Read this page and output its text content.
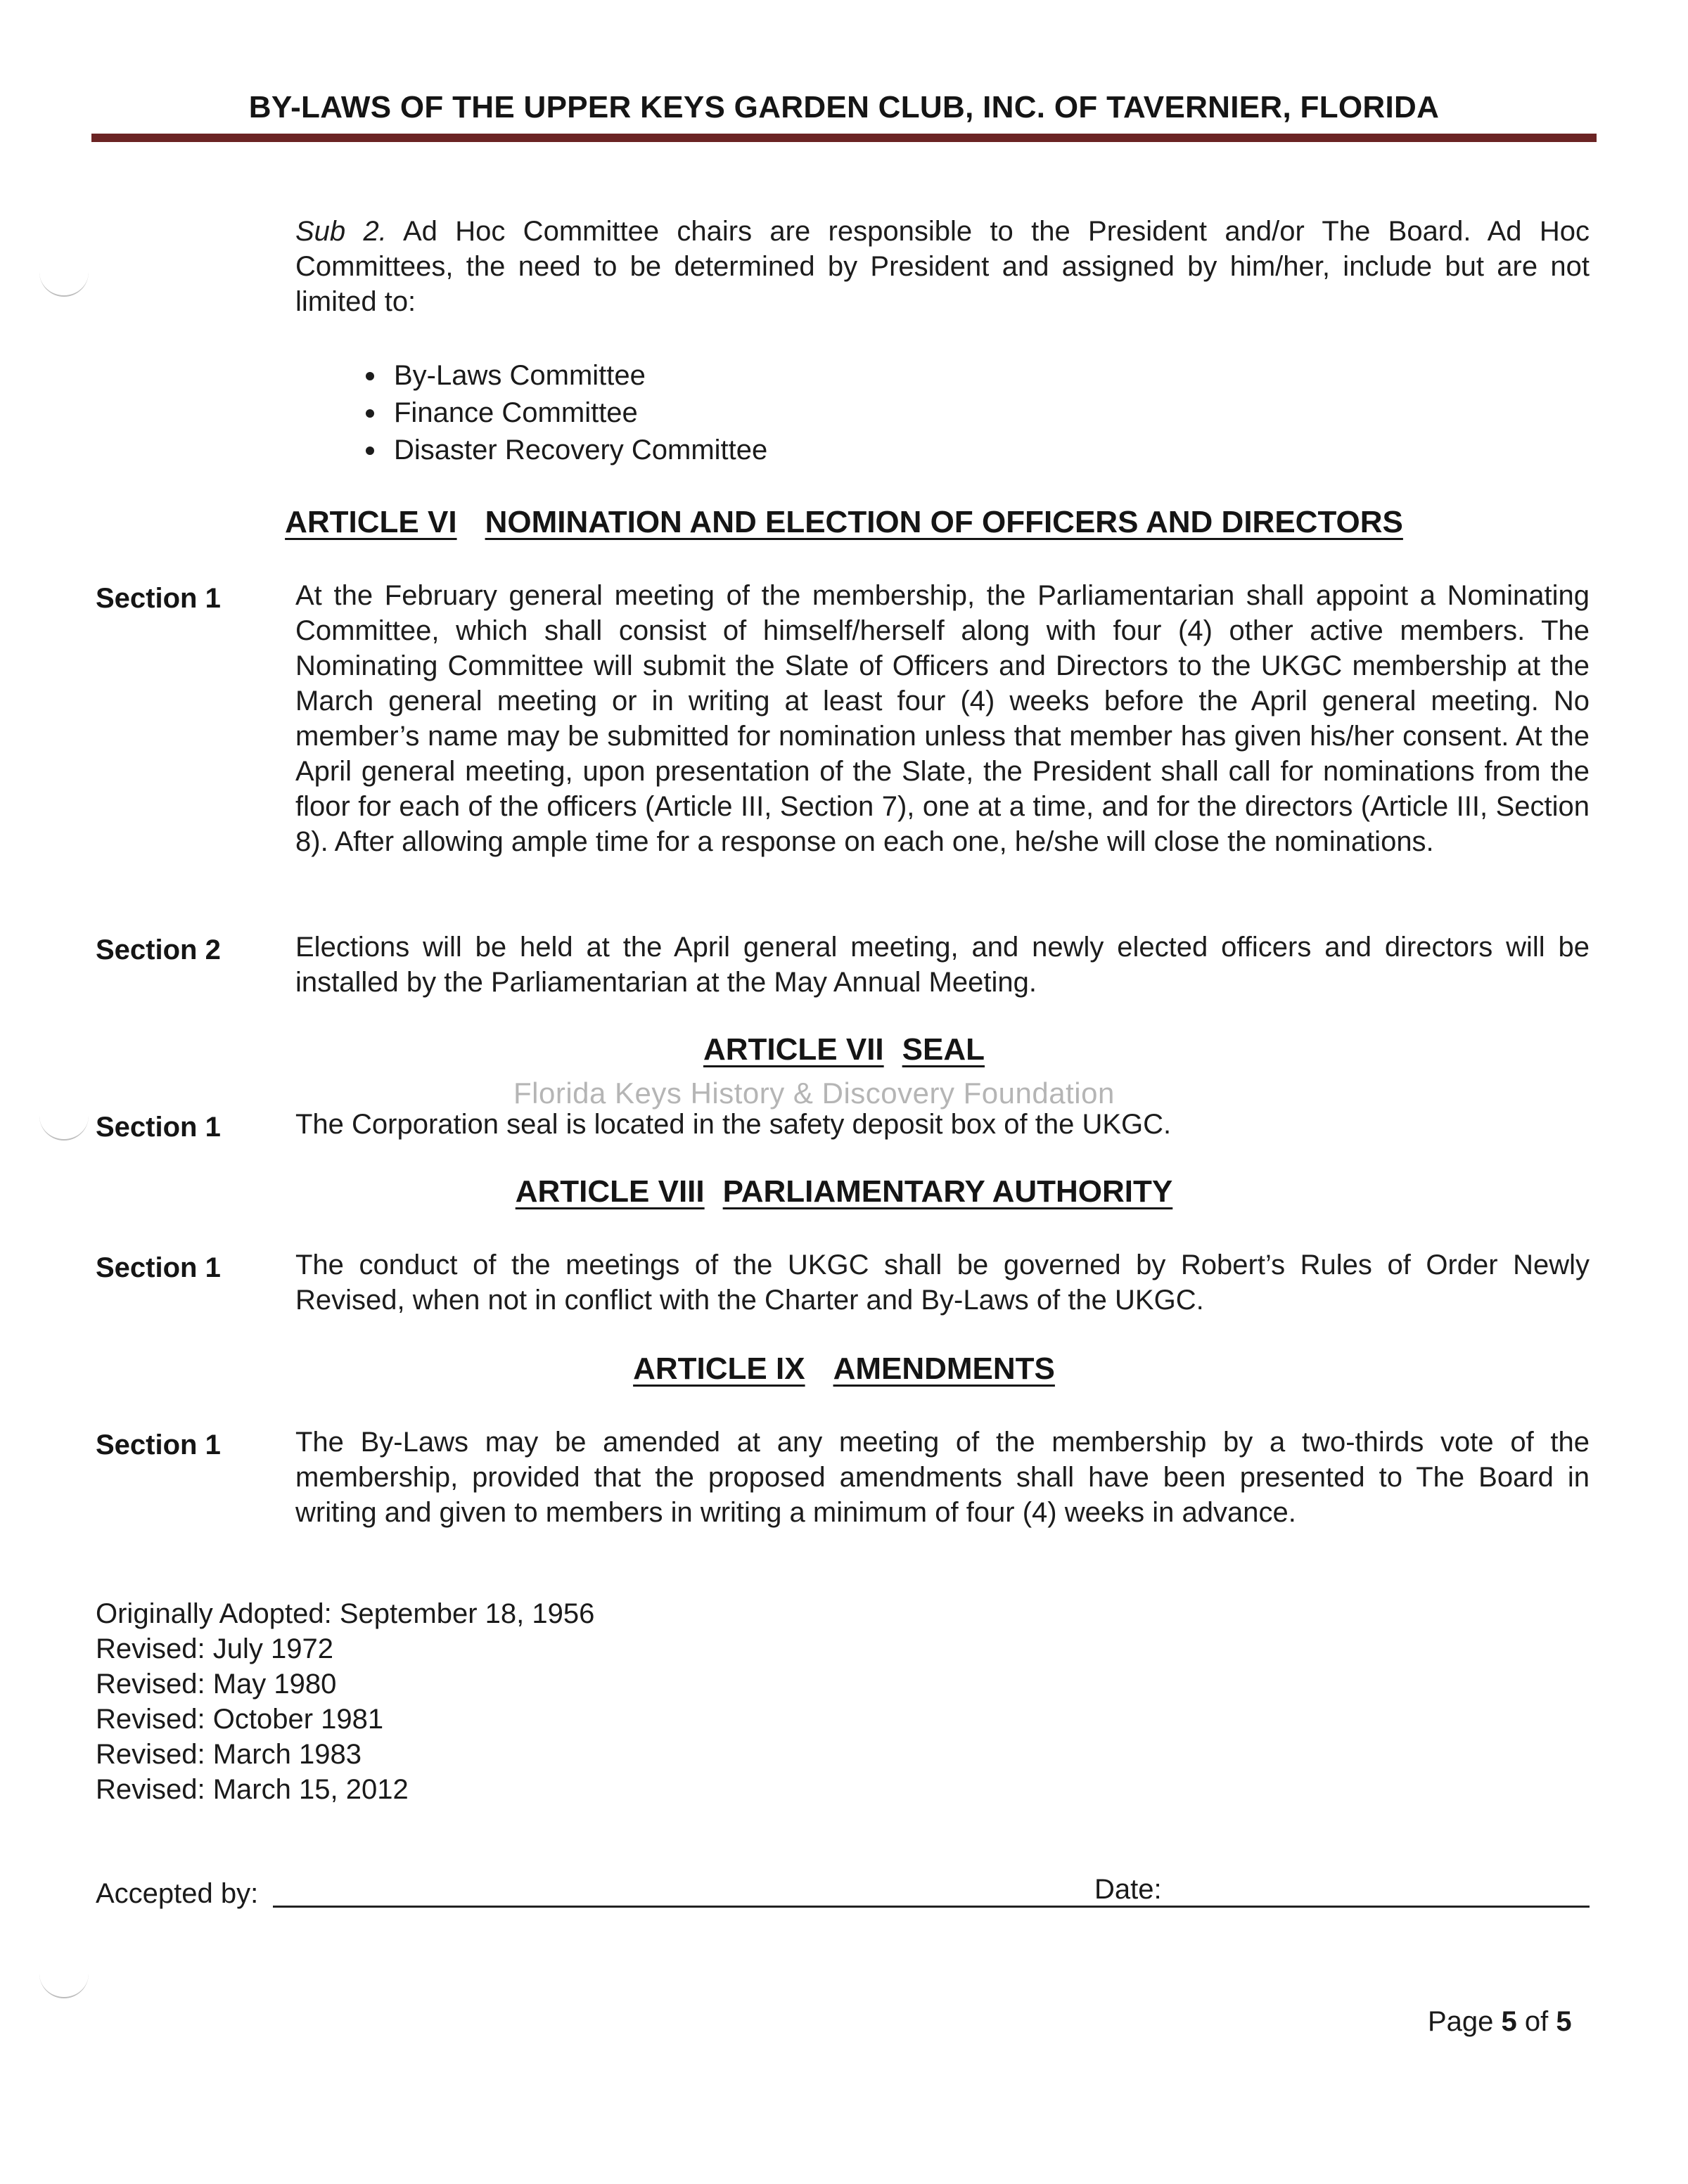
BY-LAWS OF THE UPPER KEYS GARDEN CLUB, INC. OF TAVERNIER, FLORIDA
Sub 2. Ad Hoc Committee chairs are responsible to the President and/or The Board. Ad Hoc Committees, the need to be determined by President and assigned by him/her, include but are not limited to:
By-Laws Committee
Finance Committee
Disaster Recovery Committee
ARTICLE VI NOMINATION AND ELECTION OF OFFICERS AND DIRECTORS
Section 1	At the February general meeting of the membership, the Parliamentarian shall appoint a Nominating Committee, which shall consist of himself/herself along with four (4) other active members. The Nominating Committee will submit the Slate of Officers and Directors to the UKGC membership at the March general meeting or in writing at least four (4) weeks before the April general meeting. No member’s name may be submitted for nomination unless that member has given his/her consent. At the April general meeting, upon presentation of the Slate, the President shall call for nominations from the floor for each of the officers (Article III, Section 7), one at a time, and for the directors (Article III, Section 8). After allowing ample time for a response on each one, he/she will close the nominations.
Section 2	Elections will be held at the April general meeting, and newly elected officers and directors will be installed by the Parliamentarian at the May Annual Meeting.
ARTICLE VII SEAL
Florida Keys History & Discovery Foundation
Section 1	The Corporation seal is located in the safety deposit box of the UKGC.
ARTICLE VIII PARLIAMENTARY AUTHORITY
Section 1	The conduct of the meetings of the UKGC shall be governed by Robert’s Rules of Order Newly Revised, when not in conflict with the Charter and By-Laws of the UKGC.
ARTICLE IX AMENDMENTS
Section 1	The By-Laws may be amended at any meeting of the membership by a two-thirds vote of the membership, provided that the proposed amendments shall have been presented to The Board in writing and given to members in writing a minimum of four (4) weeks in advance.
Originally Adopted: September 18, 1956
Revised: July 1972
Revised: May 1980
Revised: October 1981
Revised: March 1983
Revised: March 15, 2012
Accepted by:	Date:
Page 5 of 5
